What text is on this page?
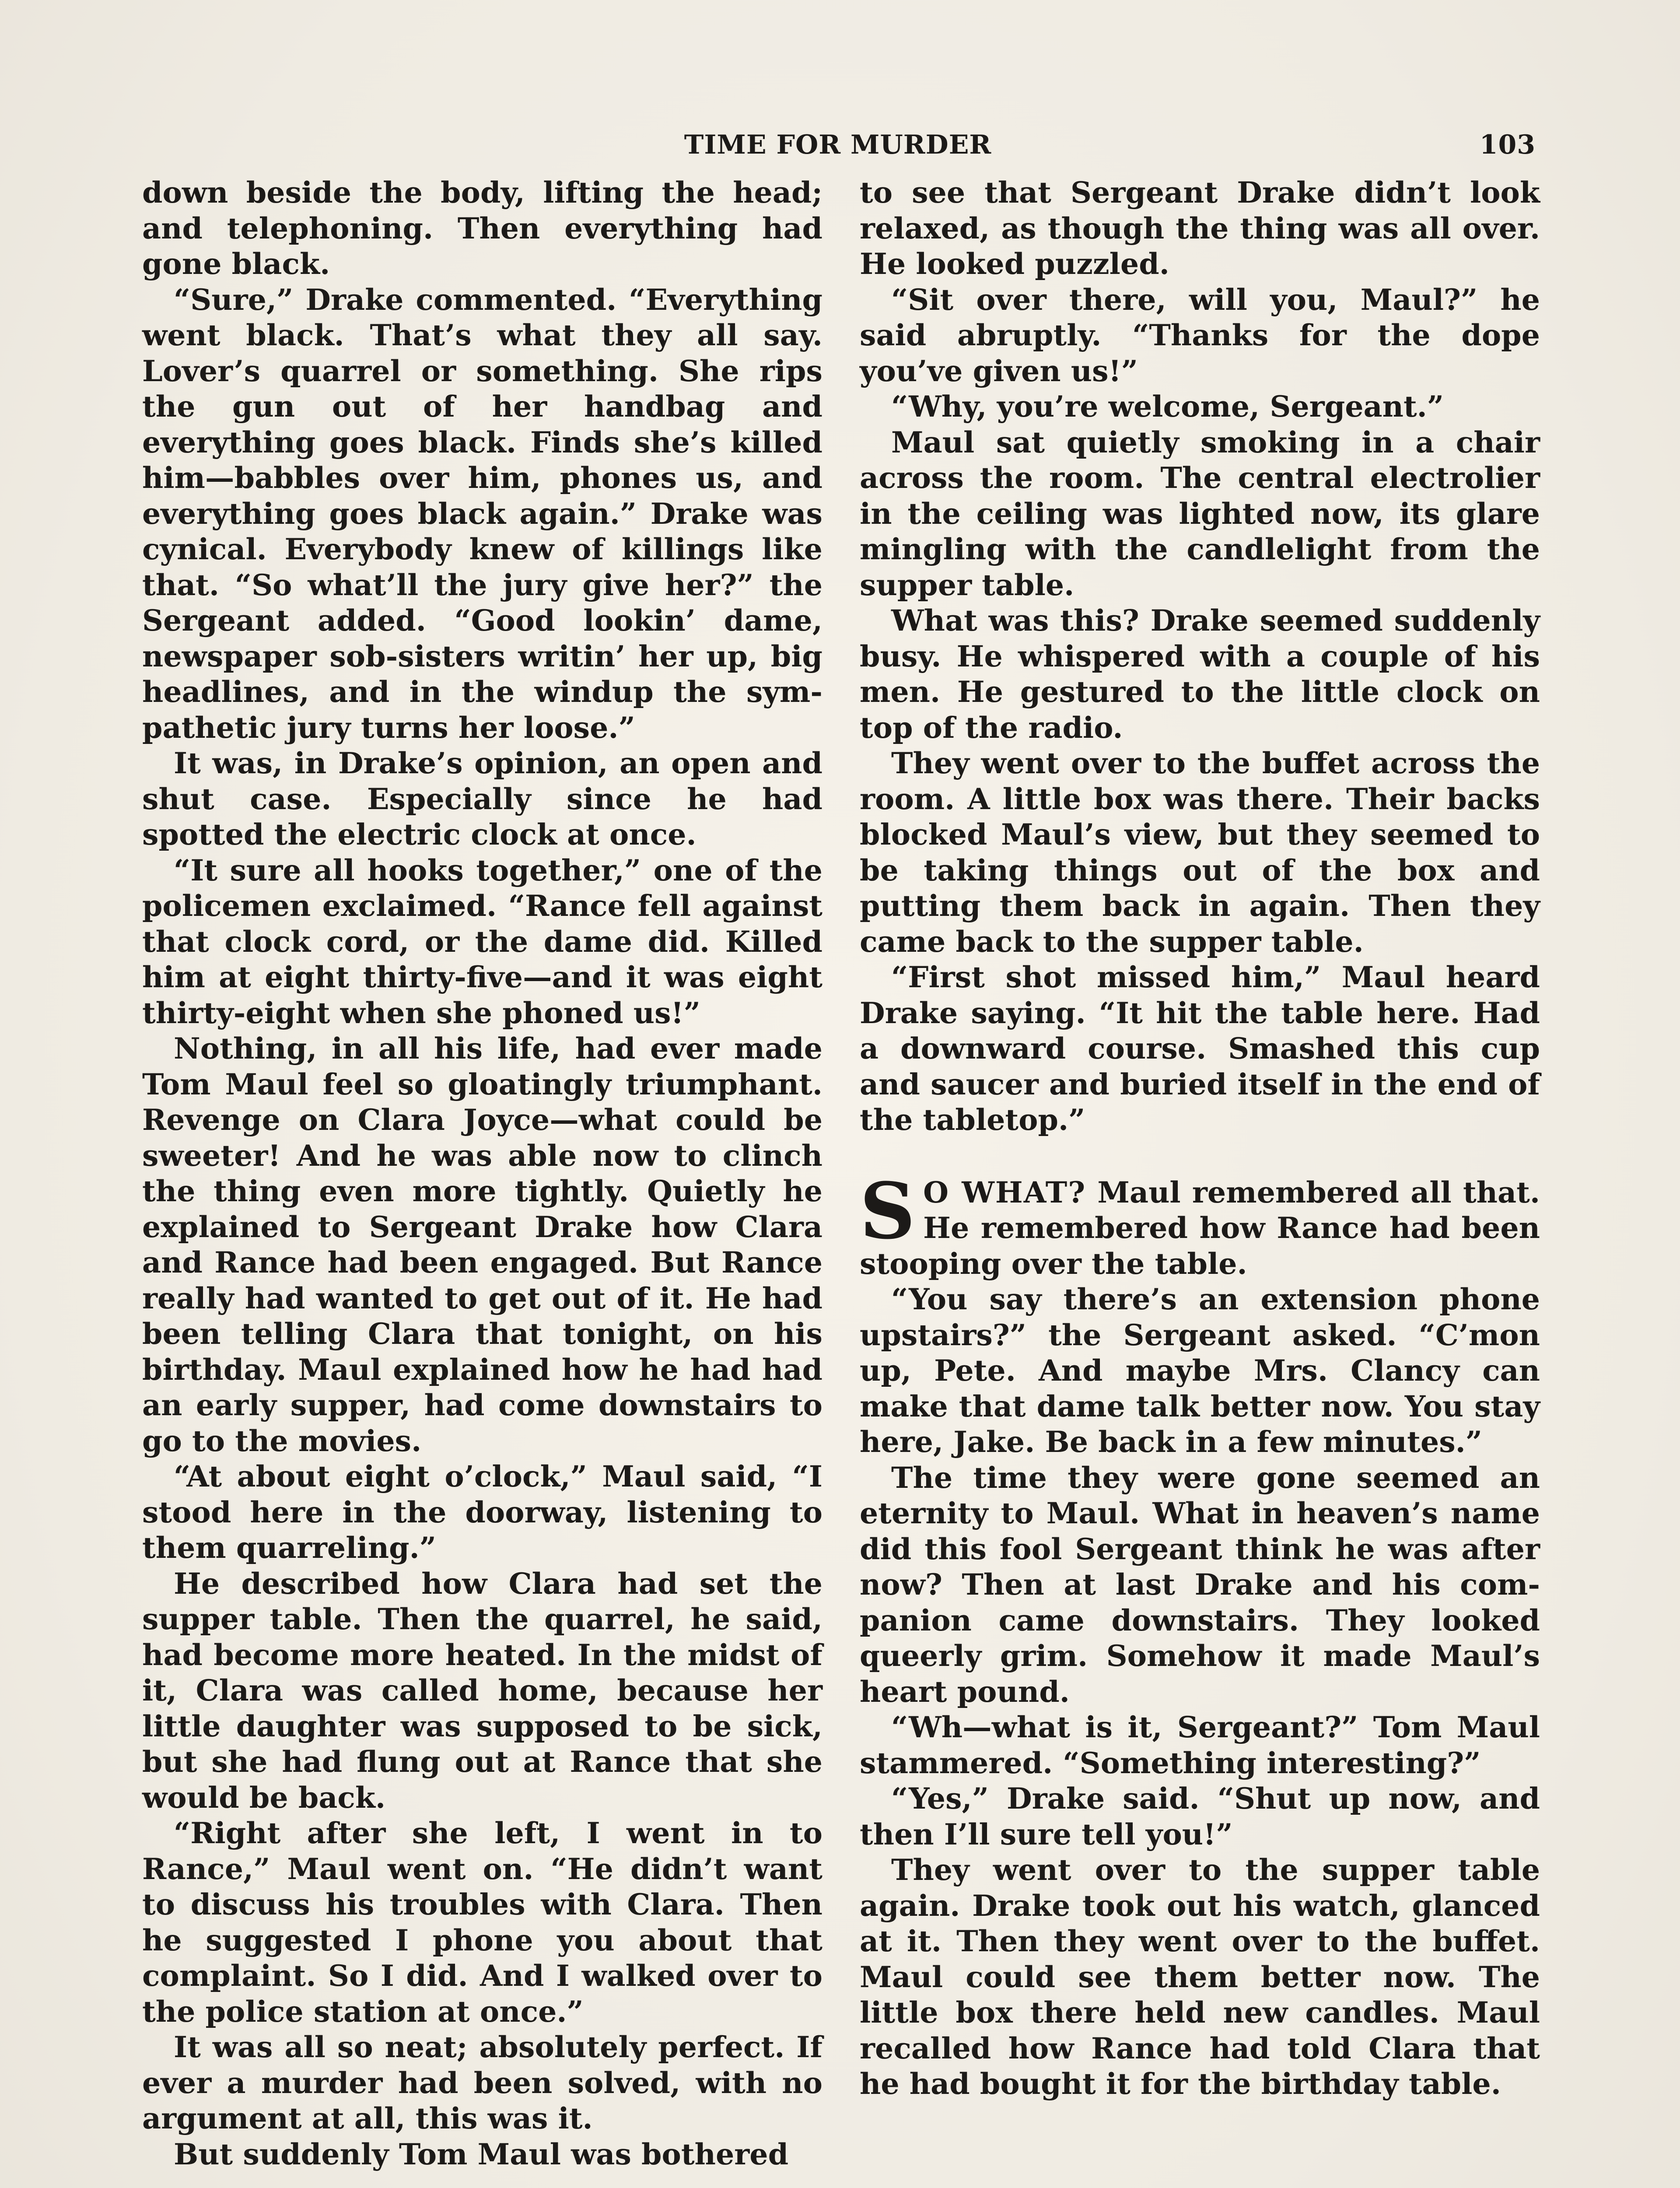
TIME FOR MURDER	103

down beside the body, lifting the head; and telephoning. Then everything had gone black.

“Sure,” Drake commented. “Everything went black. That’s what they all say. Lover’s quarrel or something. She rips the gun out of her handbag and everything goes black. Finds she’s killed him—babbles over him, phones us, and everything goes black again.” Drake was cynical. Everybody knew of killings like that. “So what’ll the jury give her?” the Sergeant added. “Good lookin’ dame, newspaper sob-sisters writin’ her up, big headlines, and in the windup the sympathetic jury turns her loose.”

It was, in Drake’s opinion, an open and shut case. Especially since he had spotted the electric clock at once.

“It sure all hooks together,” one of the policemen exclaimed. “Rance fell against that clock cord, or the dame did. Killed him at eight thirty-five—and it was eight thirty-eight when she phoned us!”

Nothing, in all his life, had ever made Tom Maul feel so gloatingly triumphant. Revenge on Clara Joyce—what could be sweeter! And he was able now to clinch the thing even more tightly. Quietly he explained to Sergeant Drake how Clara and Rance had been engaged. But Rance really had wanted to get out of it. He had been telling Clara that tonight, on his birthday. Maul explained how he had had an early supper, had come downstairs to go to the movies.

“At about eight o’clock,” Maul said, “I stood here in the doorway, listening to them quarreling.”

He described how Clara had set the supper table. Then the quarrel, he said, had become more heated. In the midst of it, Clara was called home, because her little daughter was supposed to be sick, but she had flung out at Rance that she would be back.

“Right after she left, I went in to Rance,” Maul went on. “He didn’t want to discuss his troubles with Clara. Then he suggested I phone you about that complaint. So I did. And I walked over to the police station at once.”

It was all so neat; absolutely perfect. If ever a murder had been solved, with no argument at all, this was it.

But suddenly Tom Maul was bothered

to see that Sergeant Drake didn’t look relaxed, as though the thing was all over. He looked puzzled.

“Sit over there, will you, Maul?” he said abruptly. “Thanks for the dope you’ve given us!”

“Why, you’re welcome, Sergeant.”

Maul sat quietly smoking in a chair across the room. The central electrolier in the ceiling was lighted now, its glare mingling with the candlelight from the supper table.

What was this? Drake seemed suddenly busy. He whispered with a couple of his men. He gestured to the little clock on top of the radio.

They went over to the buffet across the room. A little box was there. Their backs blocked Maul’s view, but they seemed to be taking things out of the box and putting them back in again. Then they came back to the supper table.

“First shot missed him,” Maul heard Drake saying. “It hit the table here. Had a downward course. Smashed this cup and saucer and buried itself in the end of the tabletop.”

S O WHAT? Maul remembered all that. He remembered how Rance had been stooping over the table.

“You say there’s an extension phone upstairs?” the Sergeant asked. “C’mon up, Pete. And maybe Mrs. Clancy can make that dame talk better now. You stay here, Jake. Be back in a few minutes.”

The time they were gone seemed an eternity to Maul. What in heaven’s name did this fool Sergeant think he was after now? Then at last Drake and his companion came downstairs. They looked queerly grim. Somehow it made Maul’s heart pound.

“Wh—what is it, Sergeant?” Tom Maul stammered. “Something interesting?”

“Yes,” Drake said. “Shut up now, and then I’ll sure tell you!”

They went over to the supper table again. Drake took out his watch, glanced at it. Then they went over to the buffet. Maul could see them better now. The little box there held new candles. Maul recalled how Rance had told Clara that he had bought it for the birthday table.
